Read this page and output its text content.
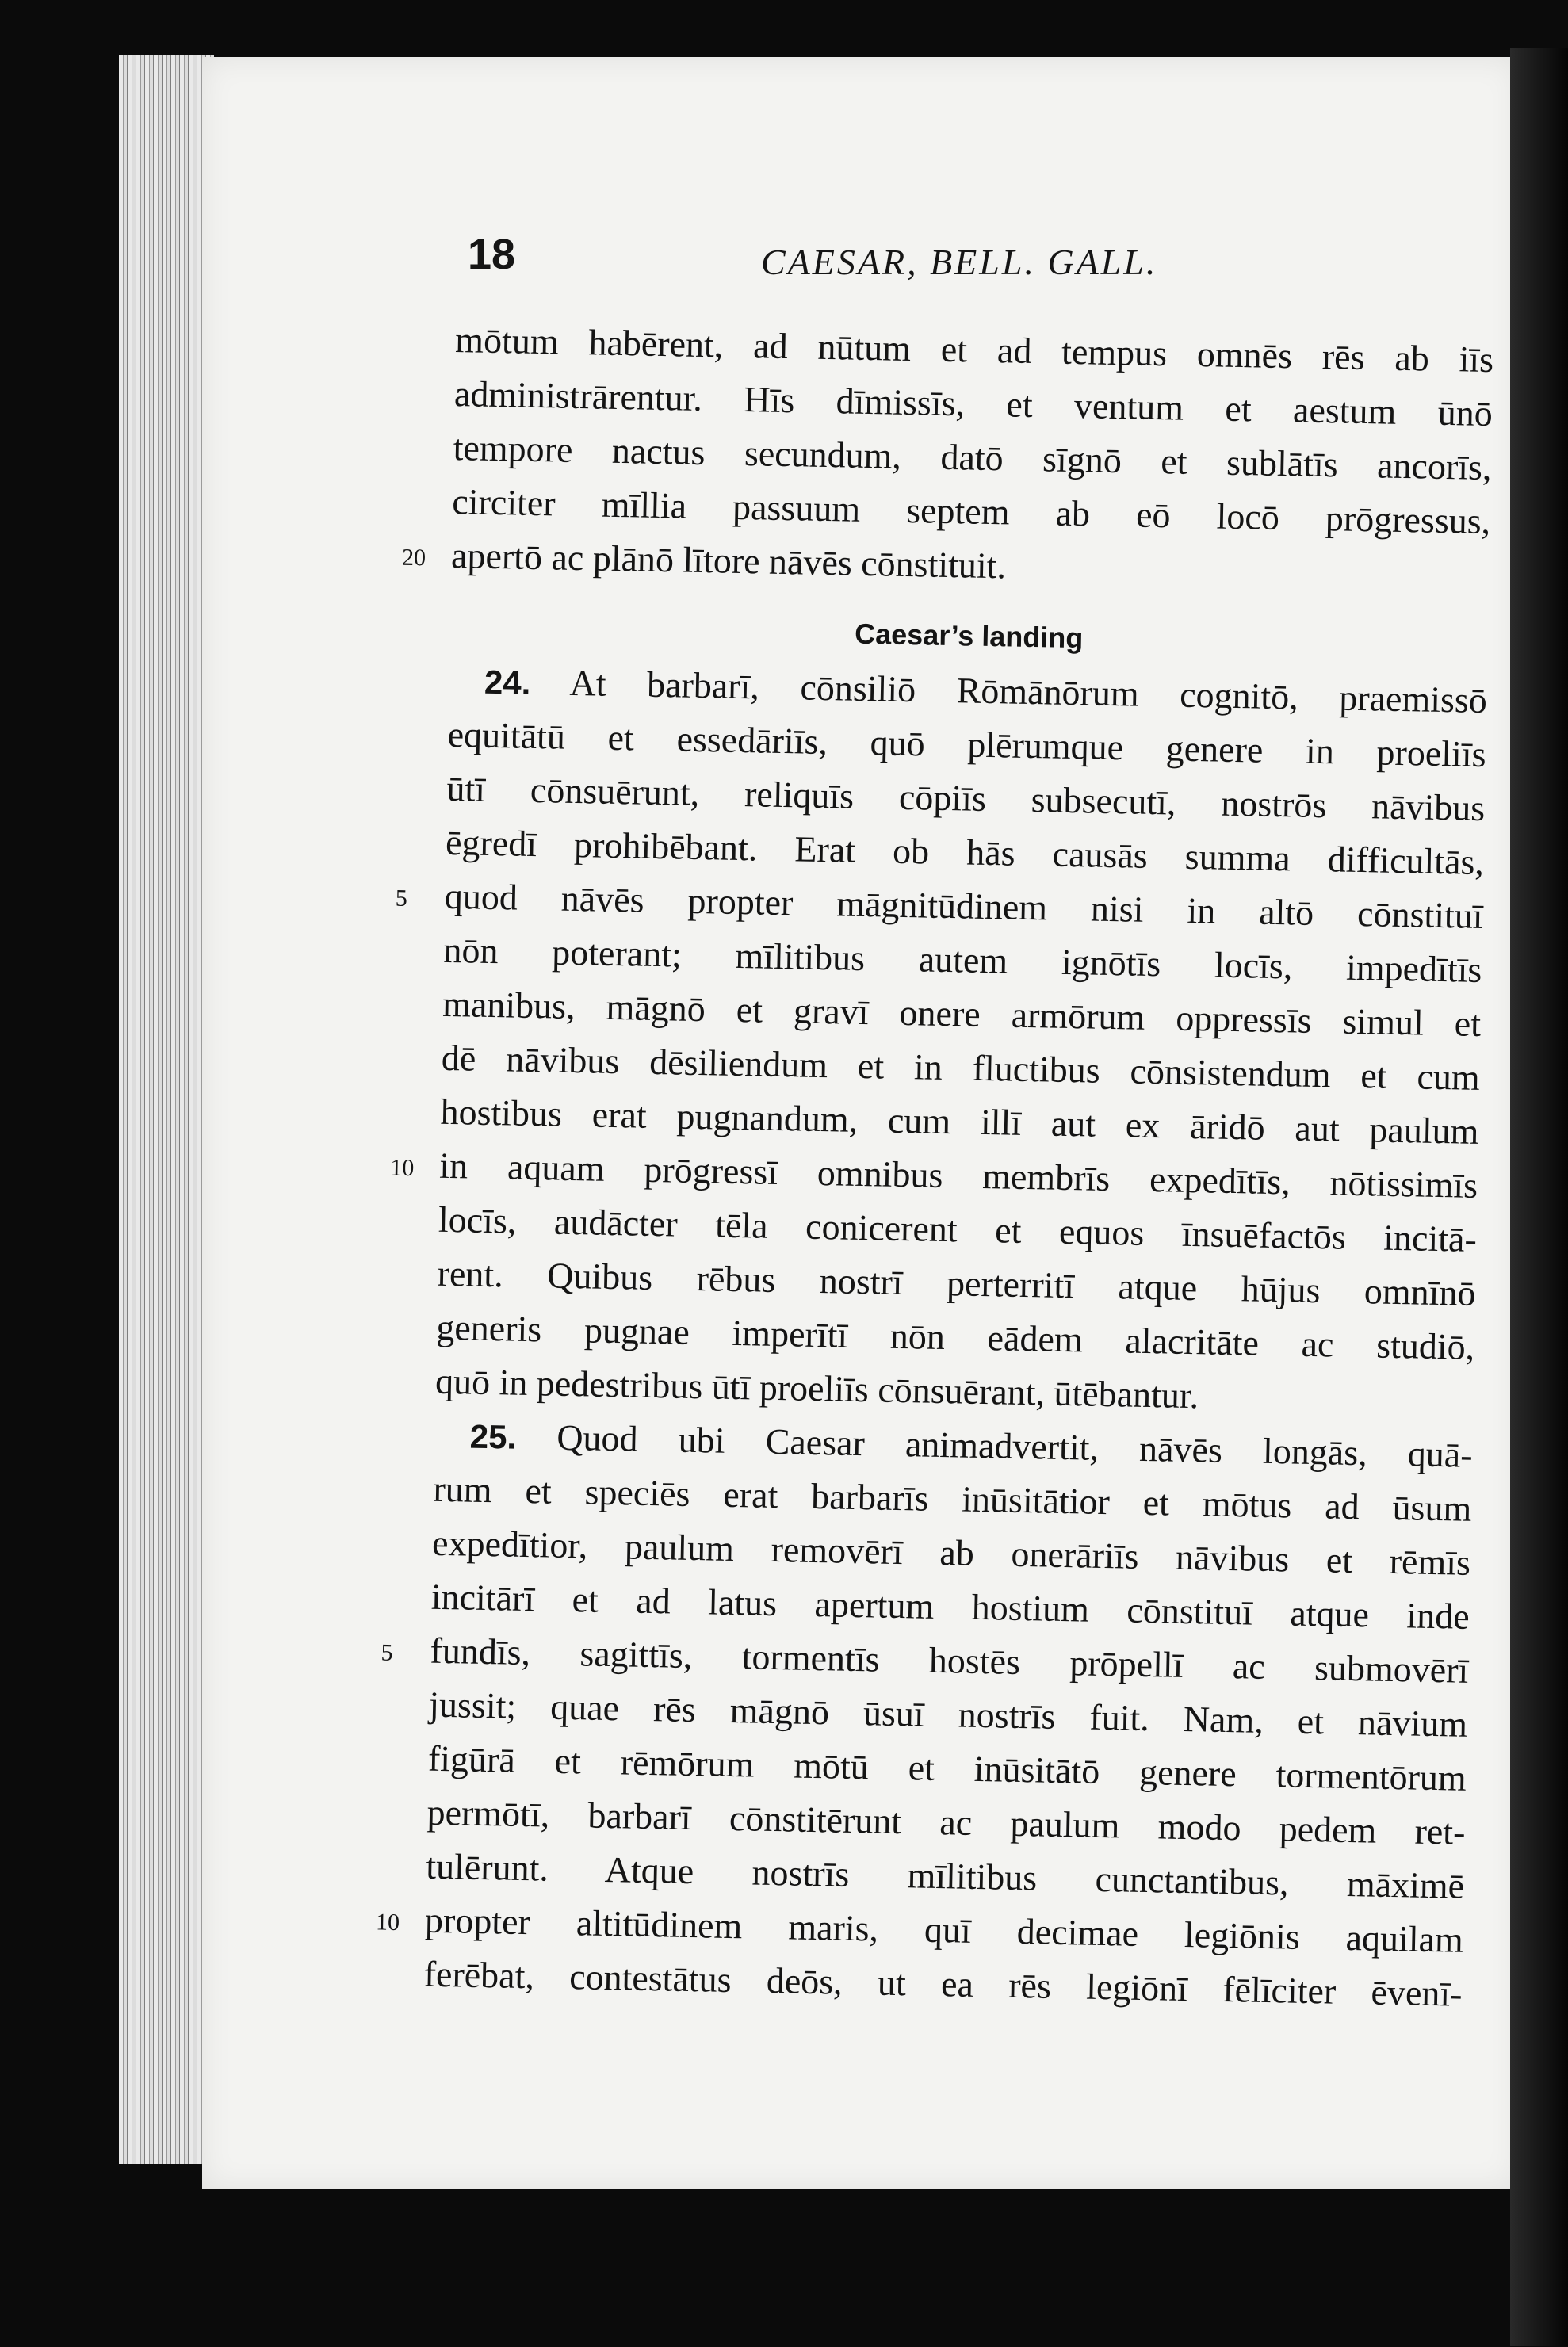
18	CAESAR, BELL. GALL.
mōtum habērent, ad nūtum et ad tempus omnēs rēs ab iīs
administrārentur. Hīs dīmissīs, et ventum et aestum ūnō
tempore nactus secundum, datō sīgnō et sublātīs ancorīs,
circiter mīllia passuum septem ab eō locō prōgressus,
20 apertō ac plānō lītore nāvēs cōnstituit.
Caesar’s landing
24. At barbarī, cōnsiliō Rōmānōrum cognitō, praemissō
equitātū et essedāriīs, quō plērumque genere in proeliīs
ūtī cōnsuērunt, reliquīs cōpiīs subsecutī, nostrōs nāvibus
ēgredī prohibēbant. Erat ob hās causās summa difficultās,
5	quod nāvēs propter māgnitūdinem nisi in altō cōnstituī
nōn poterant; mīlitibus autem ignōtīs locīs, impedītīs
manibus, māgnō et gravī onere armōrum oppressīs simul et
dē nāvibus dēsiliendum et in fluctibus cōnsistendum et cum
hostibus erat pugnandum, cum illī aut ex āridō aut paulum
10 in aquam prōgressī omnibus membrīs expedītīs, nōtissimīs
locīs, audācter tēla conicerent et equos īnsuēfactōs incitā-
rent. Quibus rēbus nostrī perterritī atque hūjus omnīnō
generis pugnae imperītī nōn eādem alacritāte ac studiō,
quō in pedestribus ūtī proeliīs cōnsuērant, ūtēbantur.
25. Quod ubi Caesar animadvertit, nāvēs longās, quā-
rum et speciēs erat barbarīs inūsitātior et mōtus ad ūsum
expedītior, paulum removērī ab onerāriīs nāvibus et rēmīs
incitārī et ad latus apertum hostium cōnstituī atque inde
5	fundīs, sagittīs, tormentīs hostēs prōpellī ac submovērī
jussit; quae rēs māgnō ūsuī nostrīs fuit. Nam, et nāvium
figūrā et rēmōrum mōtū et inūsitātō genere tormentōrum
permōtī, barbarī cōnstitērunt ac paulum modo pedem ret-
tulērunt. Atque nostrīs mīlitibus cunctantibus, māximē
10 propter altitūdinem maris, quī decimae legiōnis aquilam
ferēbat, contestātus deōs, ut ea rēs legiōnī fēlīciter ēvenī-
